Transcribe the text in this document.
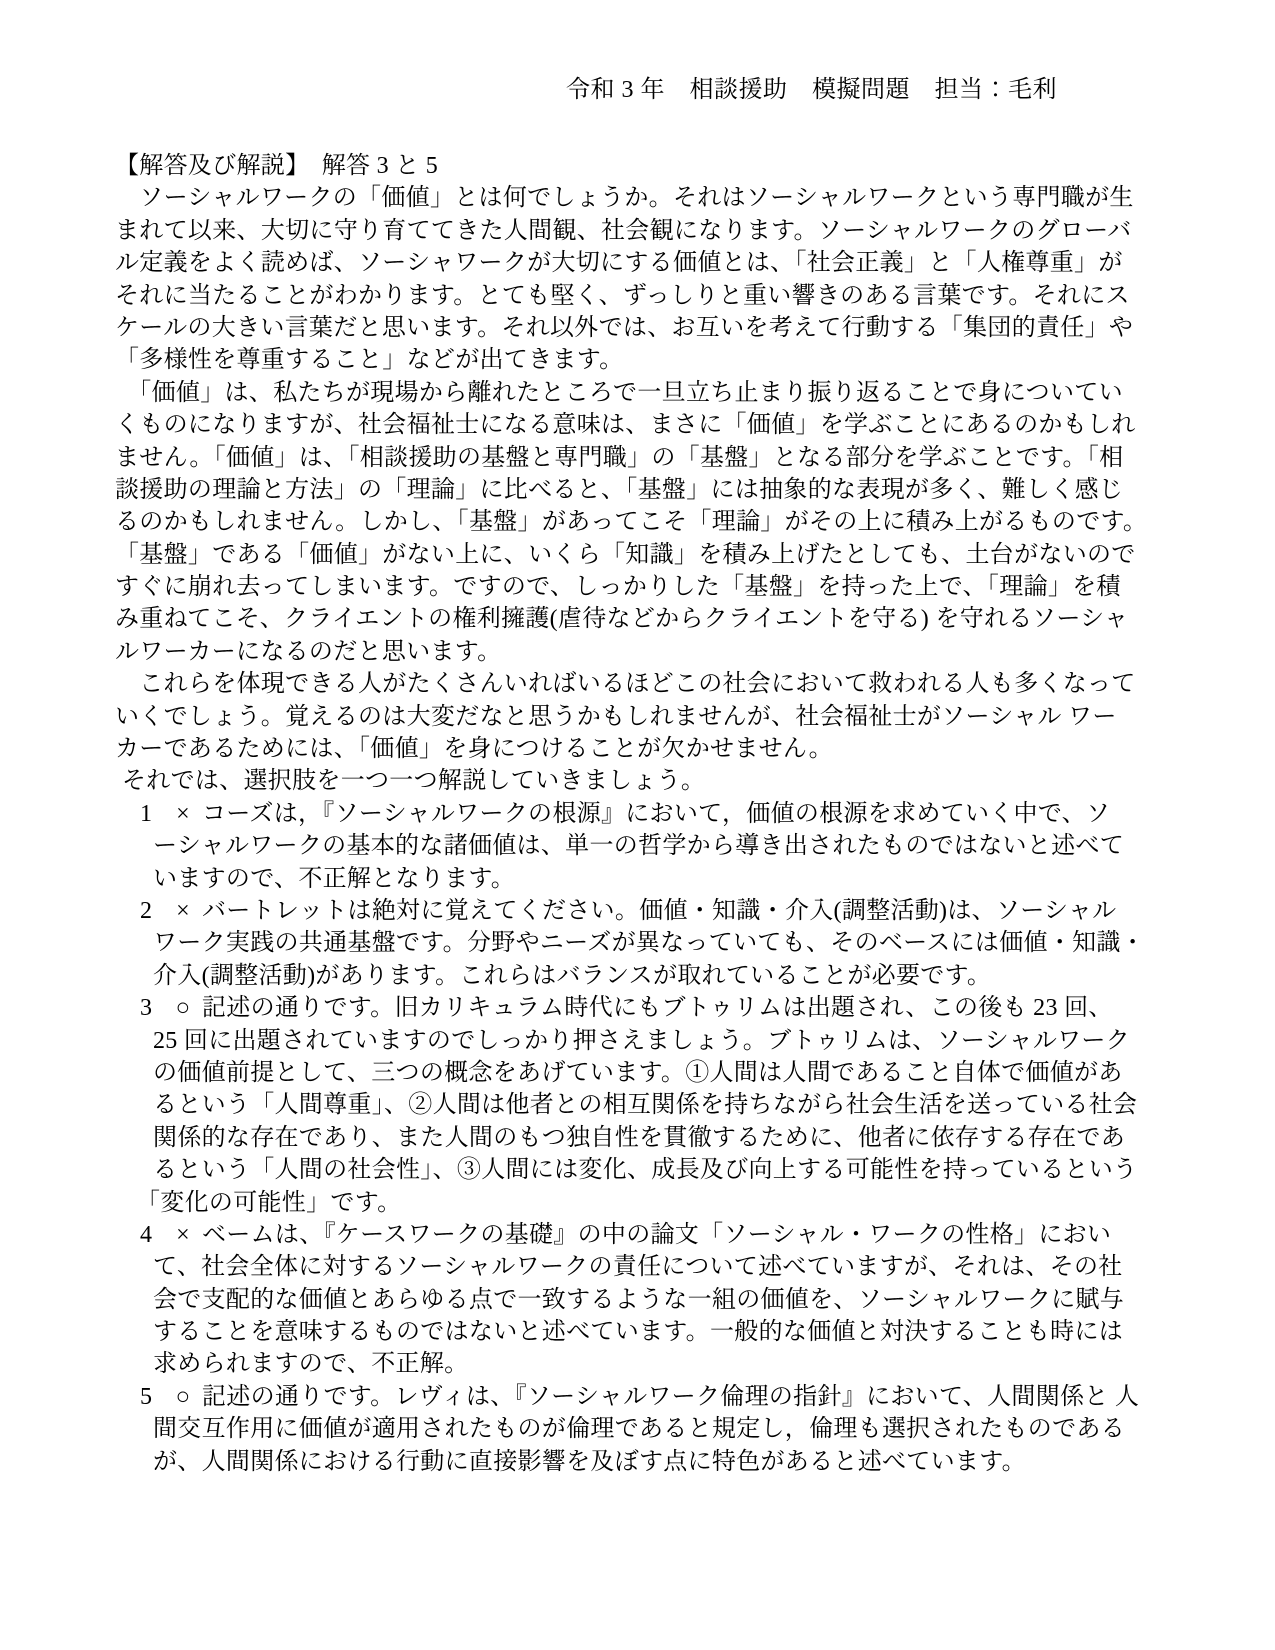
令和 3 年　相談援助　模擬問題　担当：毛利
【解答及び解説】　解答 3 と 5
　ソーシャルワークの「価値」とは何でしょうか。それはソーシャルワークという専門職が生
まれて以来、大切に守り育ててきた人間観、社会観になります。ソーシャルワークのグローバ
ル定義をよく読めば、ソーシャワークが大切にする価値とは、「社会正義」と「人権尊重」が
それに当たることがわかります。とても堅く、ずっしりと重い響きのある言葉です。それにス
ケールの大きい言葉だと思います。それ以外では、お互いを考えて行動する「集団的責任」や
「多様性を尊重すること」などが出てきます。
　「価値」は、私たちが現場から離れたところで一旦立ち止まり振り返ることで身についてい
くものになりますが、社会福祉士になる意味は、まさに「価値」を学ぶことにあるのかもしれ
ません。「価値」は、「相談援助の基盤と専門職」の「基盤」となる部分を学ぶことです。「相
談援助の理論と方法」の「理論」に比べると、「基盤」には抽象的な表現が多く、難しく感じ
るのかもしれません。しかし、「基盤」があってこそ「理論」がその上に積み上がるものです。
「基盤」である「価値」がない上に、いくら「知識」を積み上げたとしても、土台がないので
すぐに崩れ去ってしまいます。ですので、しっかりした「基盤」を持った上で、「理論」を積
み重ねてこそ、クライエントの権利擁護(虐待などからクライエントを守る) を守れるソーシャ
ルワーカーになるのだと思います。
　これらを体現できる人がたくさんいればいるほどこの社会において救われる人も多くなって
いくでしょう。覚えるのは大変だなと思うかもしれませんが、社会福祉士がソーシャル ワー
カーであるためには、「価値」を身につけることが欠かせません。
それでは、選択肢を一つ一つ解説していきましょう。
1 × コーズは，『ソーシャルワークの根源』において，価値の根源を求めていく中で、ソ
ーシャルワークの基本的な諸価値は、単一の哲学から導き出されたものではないと述べて
いますので、不正解となります。
2 × バートレットは絶対に覚えてください。価値・知識・介入(調整活動)は、ソーシャル
ワーク実践の共通基盤です。分野やニーズが異なっていても、そのベースには価値・知識・
介入(調整活動)があります。これらはバランスが取れていることが必要です。
3 ○ 記述の通りです。旧カリキュラム時代にもブトゥリムは出題され、この後も 23 回、
25 回に出題されていますのでしっかり押さえましょう。ブトゥリムは、ソーシャルワーク
の価値前提として、三つの概念をあげています。①人間は人間であること自体で価値があ
るという「人間尊重」、②人間は他者との相互関係を持ちながら社会生活を送っている社会
関係的な存在であり、また人間のもつ独自性を貫徹するために、他者に依存する存在であ
るという「人間の社会性」、③人間には変化、成長及び向上する可能性を持っているという
「変化の可能性」です。
4 × ベームは、『ケースワークの基礎』の中の論文「ソーシャル・ワークの性格」におい
て、社会全体に対するソーシャルワークの責任について述べていますが、それは、その社
会で支配的な価値とあらゆる点で一致するような一組の価値を、ソーシャルワークに賦与
することを意味するものではないと述べています。一般的な価値と対決することも時には
求められますので、不正解。
5 ○ 記述の通りです。レヴィは、『ソーシャルワーク倫理の指針』において、人間関係と 人
間交互作用に価値が適用されたものが倫理であると規定し，倫理も選択されたものである
が、人間関係における行動に直接影響を及ぼす点に特色があると述べています。
